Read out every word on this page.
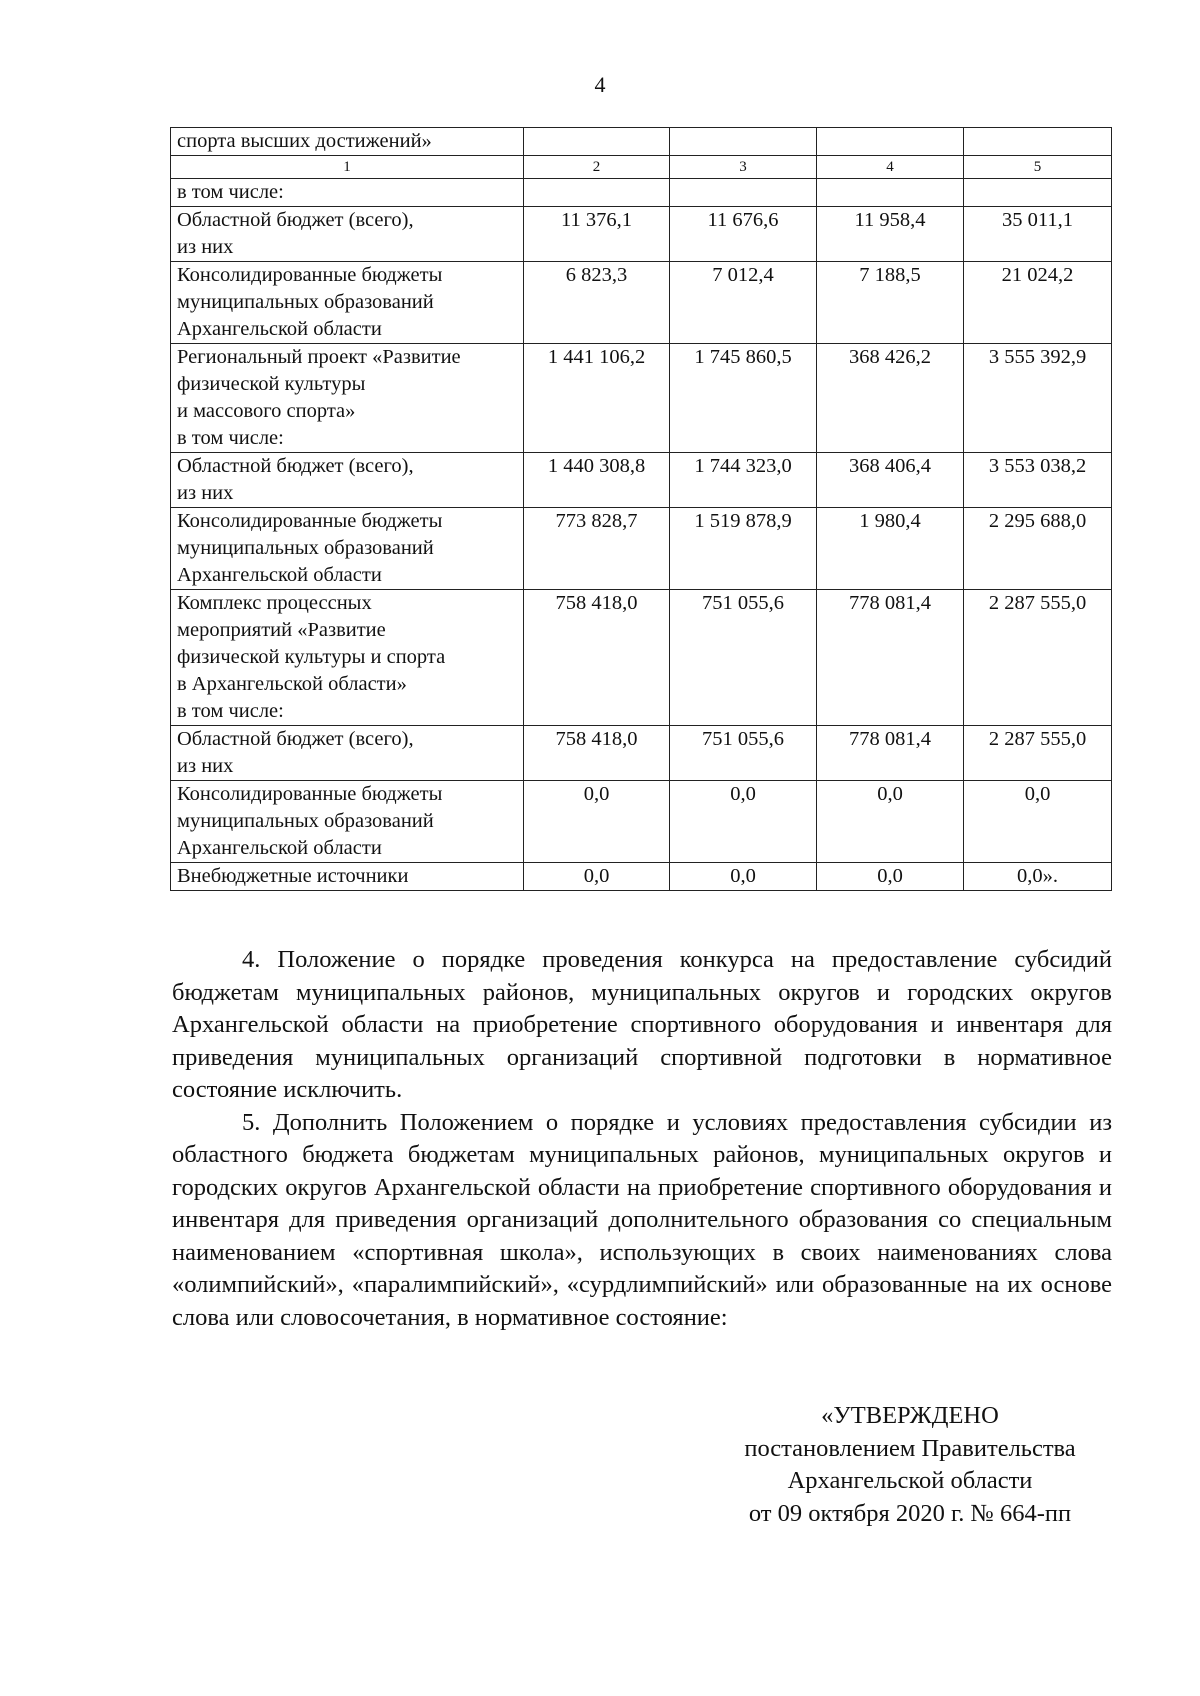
4
спорта высших достижений»				
1	2	3	4	5
в том числе:				

Областной бюджет (всего),
из них	11 376,1	11 676,6	11 958,4	35 011,1

Консолидированные бюджеты
муниципальных образований
Архангельской области	6 823,3	7 012,4	7 188,5	21 024,2

Региональный проект «Развитие
физической культуры
и массового спорта»
в том числе:	1 441 106,2	1 745 860,5	368 426,2	3 555 392,9

Областной бюджет (всего),
из них	1 440 308,8	1 744 323,0	368 406,4	3 553 038,2

Консолидированные бюджеты
муниципальных образований
Архангельской области	773 828,7	1 519 878,9	1 980,4	2 295 688,0

Комплекс процессных
мероприятий «Развитие
физической культуры и спорта
в Архангельской области»
в том числе:	758 418,0	751 055,6	778 081,4	2 287 555,0

Областной бюджет (всего),
из них	758 418,0	751 055,6	778 081,4	2 287 555,0

Консолидированные бюджеты
муниципальных образований
Архангельской области	0,0	0,0	0,0	0,0

Внебюджетные источники	0,0	0,0	0,0	0,0».

4. Положение о порядке проведения конкурса на предоставление субсидий бюджетам муниципальных районов, муниципальных округов и городских округов Архангельской области на приобретение спортивного оборудования и инвентаря для приведения муниципальных организаций спортивной подготовки в нормативное состояние исключить.

5. Дополнить Положением о порядке и условиях предоставления субсидии из областного бюджета бюджетам муниципальных районов, муниципальных округов и городских округов Архангельской области на приобретение спортивного оборудования и инвентаря для приведения организаций дополнительного образования со специальным наименованием «спортивная школа», использующих в своих наименованиях слова «олимпийский», «паралимпийский», «сурдлимпийский» или образованные на их основе слова или словосочетания, в нормативное состояние:

«УТВЕРЖДЕНО
постановлением Правительства
Архангельской области
от 09 октября 2020 г. № 664-пп
